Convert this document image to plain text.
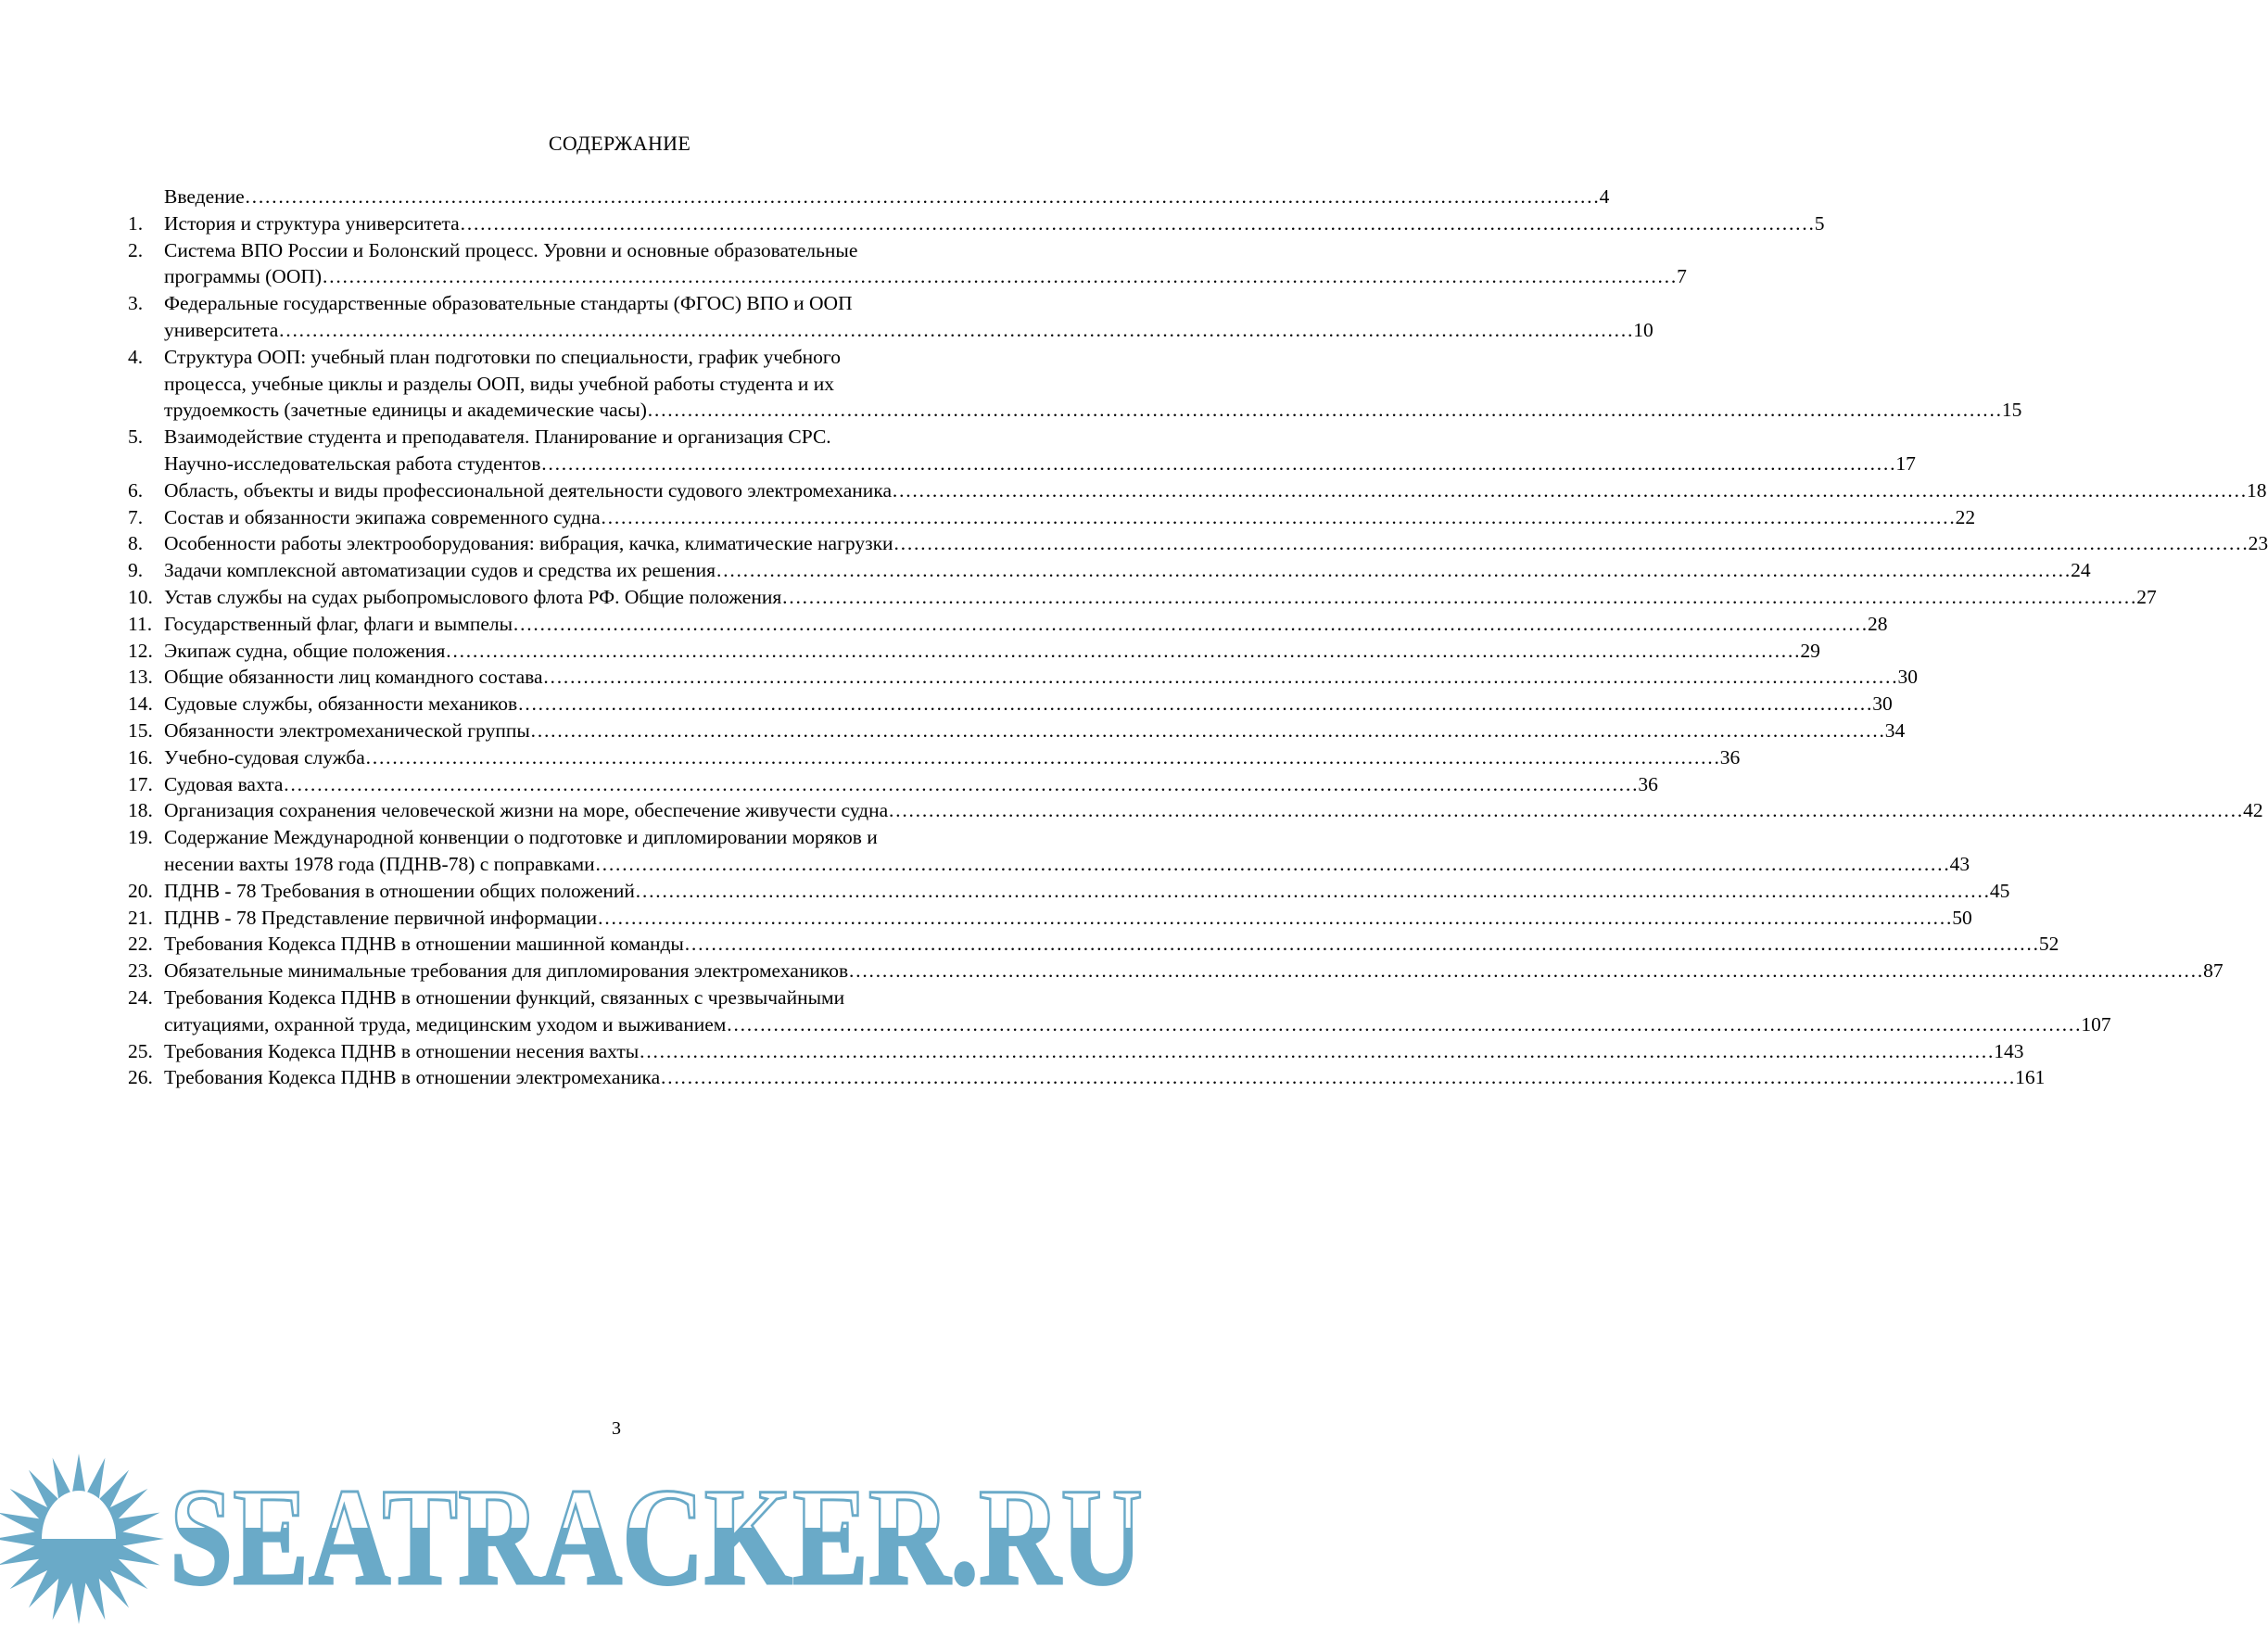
СОДЕРЖАНИЕ
Введение ……………………………………………………………………………………………………………………………………………………………………………………	4
1.	История и структура университета ……………………………………………………………………………………………………………………………………………………………………………………	5
2.	Система ВПО России и Болонский процесс. Уровни и основные образовательные
программы (ООП) ……………………………………………………………………………………………………………………………………………………………………………………	7
3.	Федеральные государственные образовательные стандарты (ФГОС) ВПО и ООП
университета ……………………………………………………………………………………………………………………………………………………………………………………	10
4.	Структура ООП: учебный план подготовки по специальности, график учебного
процесса, учебные циклы и разделы ООП, виды учебной работы студента и их
трудоемкость (зачетные единицы и академические часы) ……………………………………………………………………………………………………………………………………………………………………………………	15
5.	Взаимодействие студента и преподавателя. Планирование и организация СРС.
Научно-исследовательская работа студентов ……………………………………………………………………………………………………………………………………………………………………………………	17
6.	Область, объекты и виды профессиональной деятельности судового электромеханика ……………………………………………………………………………………………………………………………………………………………………………………	18
7.	Состав и обязанности экипажа современного судна ……………………………………………………………………………………………………………………………………………………………………………………	22
8.	Особенности работы электрооборудования: вибрация, качка, климатические нагрузки ……………………………………………………………………………………………………………………………………………………………………………………	23
9.	Задачи комплексной автоматизации судов и средства их решения ……………………………………………………………………………………………………………………………………………………………………………………	24
10. Устав службы на судах рыбопромыслового флота РФ. Общие положения ……………………………………………………………………………………………………………………………………………………………………………………	27
11. Государственный флаг, флаги и вымпелы ……………………………………………………………………………………………………………………………………………………………………………………	28
12. Экипаж судна, общие положения ……………………………………………………………………………………………………………………………………………………………………………………	29
13. Общие обязанности лиц командного состава ……………………………………………………………………………………………………………………………………………………………………………………	30
14. Судовые службы, обязанности механиков ……………………………………………………………………………………………………………………………………………………………………………………	30
15. Обязанности электромеханической группы ……………………………………………………………………………………………………………………………………………………………………………………	34
16. Учебно-судовая служба ……………………………………………………………………………………………………………………………………………………………………………………	36
17. Судовая вахта ……………………………………………………………………………………………………………………………………………………………………………………	36
18. Организация сохранения человеческой жизни на море, обеспечение живучести судна ……………………………………………………………………………………………………………………………………………………………………………………	42
19. Содержание Международной конвенции о подготовке и дипломировании моряков и
несении вахты 1978 года (ПДНВ-78) с поправками ……………………………………………………………………………………………………………………………………………………………………………………	43
20. ПДНВ - 78 Требования в отношении общих положений ……………………………………………………………………………………………………………………………………………………………………………………	45
21. ПДНВ - 78 Представление первичной информации ……………………………………………………………………………………………………………………………………………………………………………………	50
22. Требования Кодекса ПДНВ в отношении машинной команды ……………………………………………………………………………………………………………………………………………………………………………………	52
23. Обязательные минимальные требования для дипломирования электромехаников ……………………………………………………………………………………………………………………………………………………………………………………	87
24. Требования Кодекса ПДНВ в отношении функций, связанных с чрезвычайными
ситуациями, охранной труда, медицинским уходом и выживанием ……………………………………………………………………………………………………………………………………………………………………………………	107
25. Требования Кодекса ПДНВ в отношении несения вахты ……………………………………………………………………………………………………………………………………………………………………………………	143
26. Требования Кодекса ПДНВ в отношении электромеханика ……………………………………………………………………………………………………………………………………………………………………………………	161
3
SEATRACKER.RU
